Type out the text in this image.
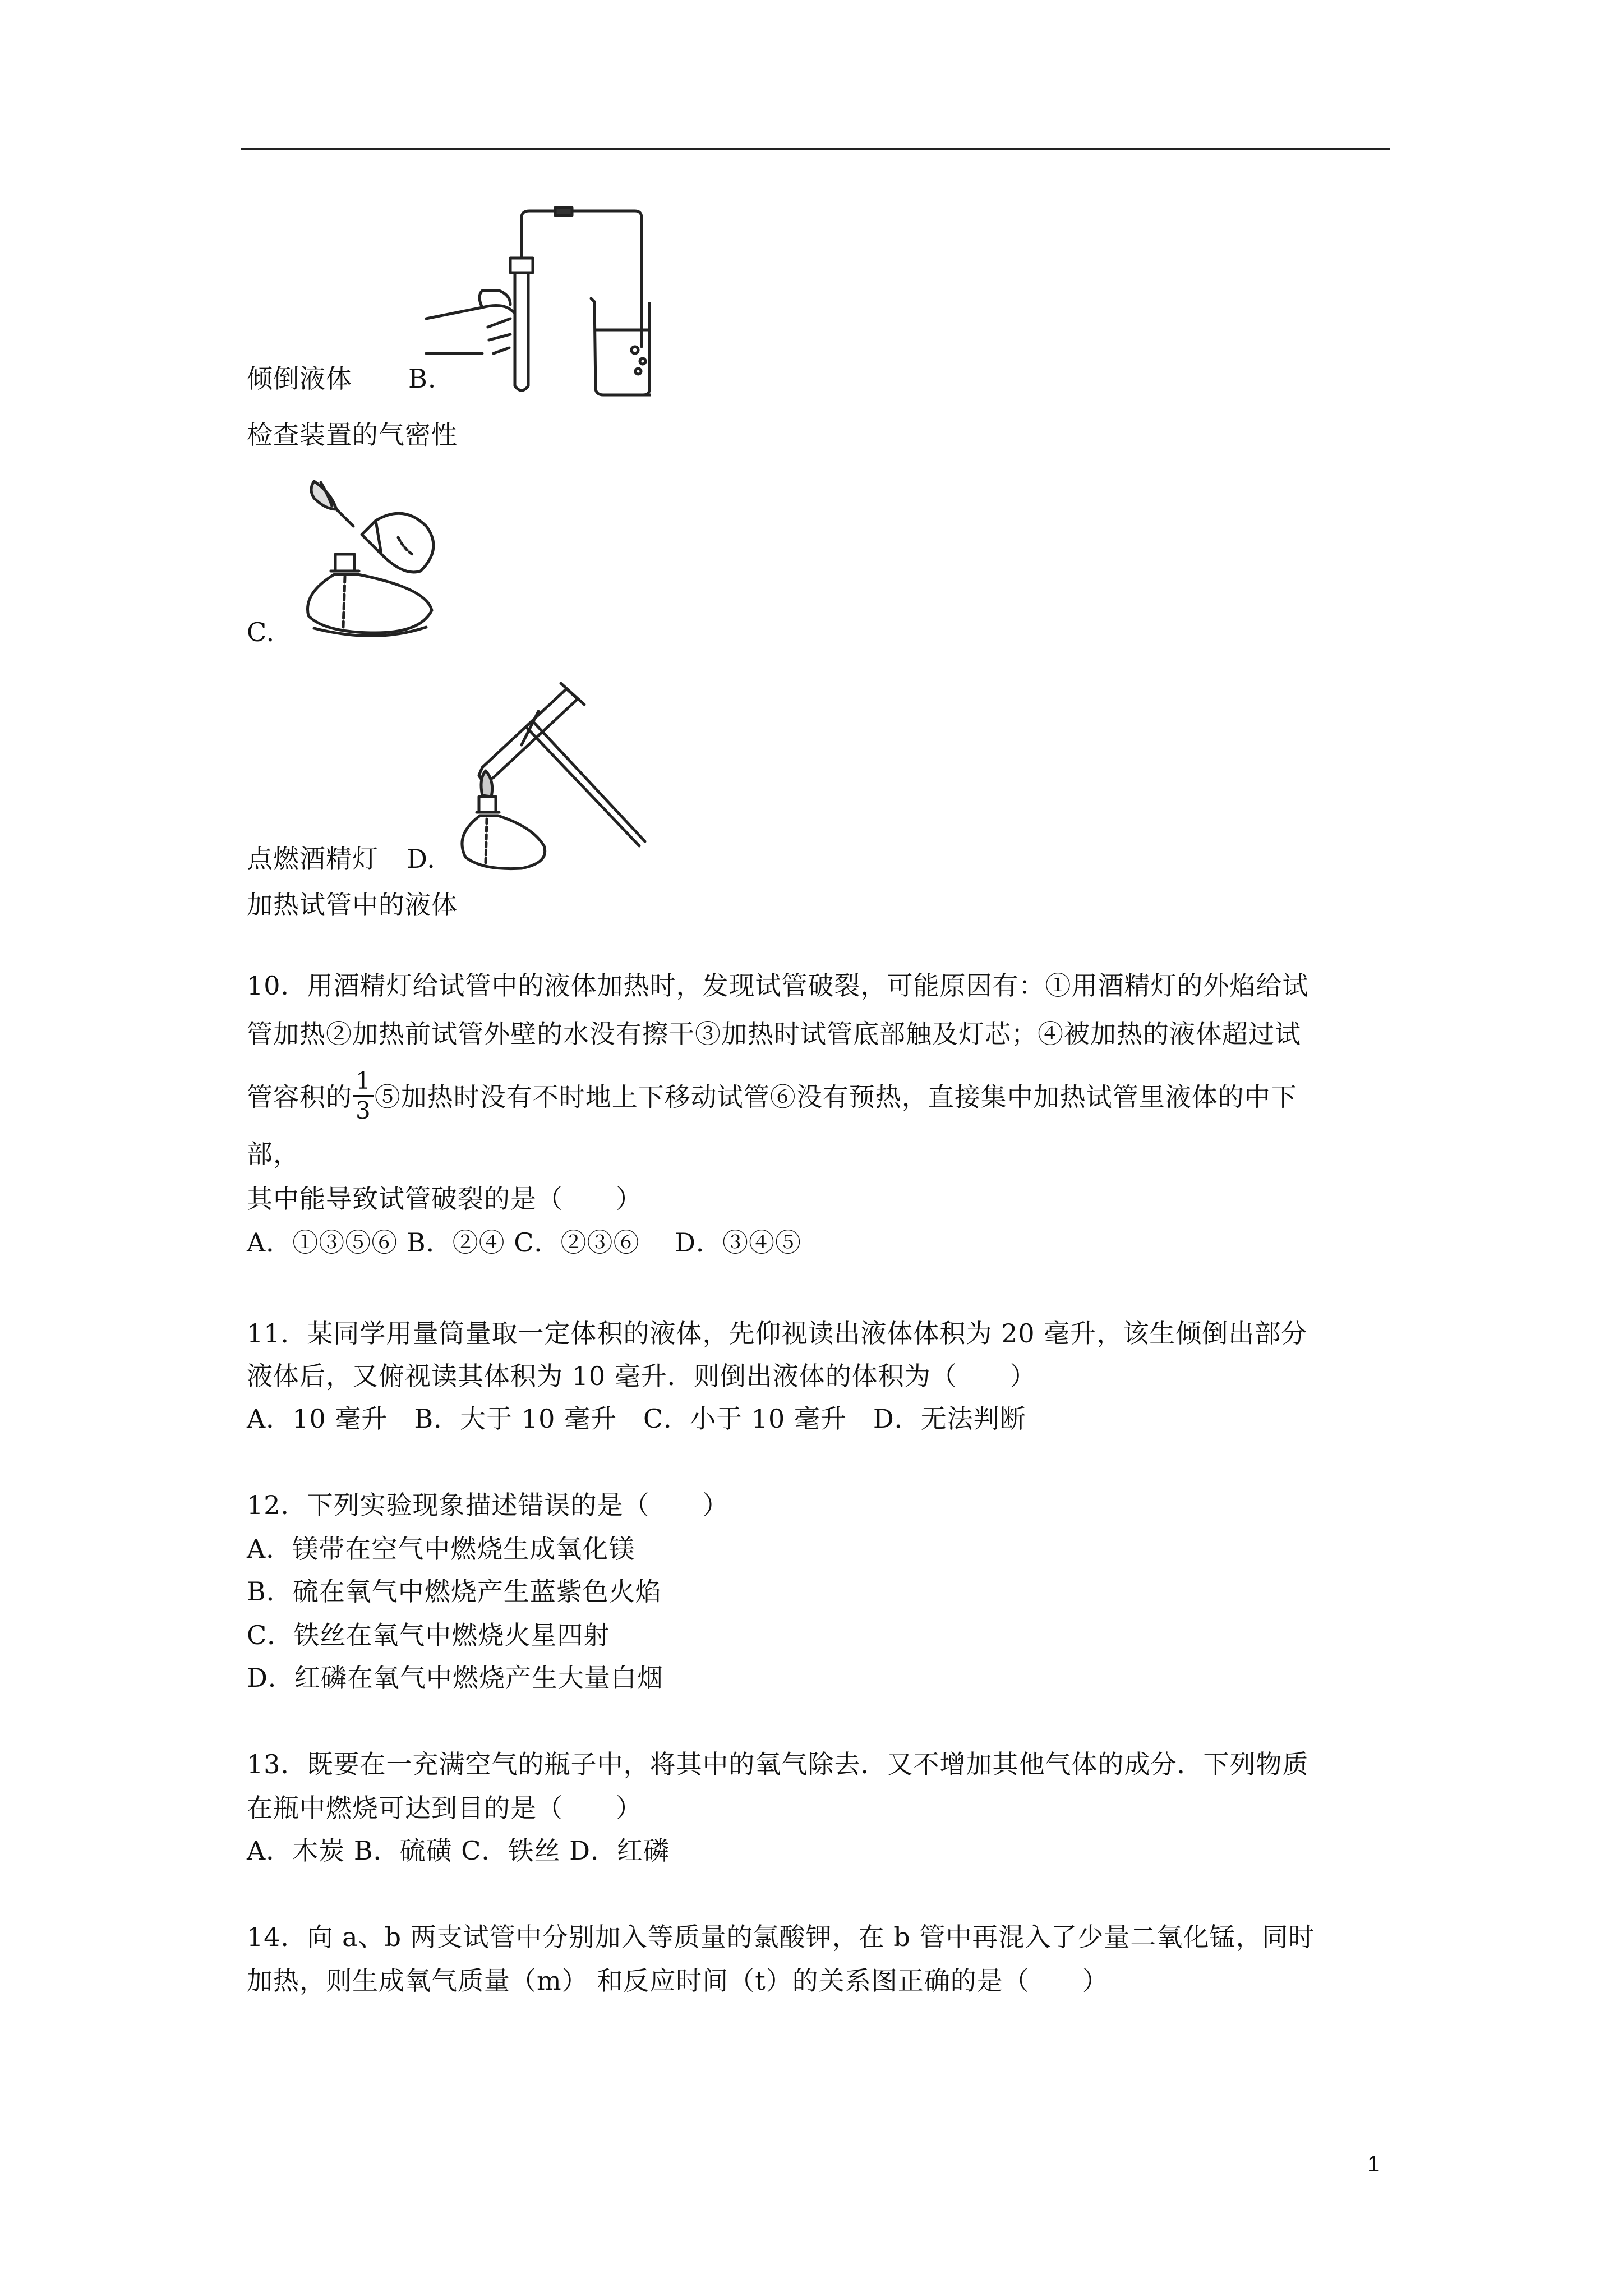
倾倒液体 B.
检查装置的气密性
C.
点燃酒精灯 D.
加热试管中的液体
10．用酒精灯给试管中的液体加热时，发现试管破裂，可能原因有：①用酒精灯的外焰给试
管加热②加热前试管外壁的水没有擦干③加热时试管底部触及灯芯；④被加热的液体超过试
管容积的 $\frac{1}{3}$ ⑤加热时没有不时地上下移动试管⑥没有预热，直接集中加热试管里液体的中下
部，
其中能导致试管破裂的是（　　）
A．①③⑤⑥ B．②④ C．②③⑥　 D．③④⑤
11．某同学用量筒量取一定体积的液体，先仰视读出液体体积为 20 毫升，该生倾倒出部分
液体后，又俯视读其体积为 10 毫升．则倒出液体的体积为（　　）
A．10 毫升　B．大于 10 毫升　C．小于 10 毫升　D．无法判断
12．下列实验现象描述错误的是（　　）
A．镁带在空气中燃烧生成氧化镁
B．硫在氧气中燃烧产生蓝紫色火焰
C．铁丝在氧气中燃烧火星四射
D．红磷在氧气中燃烧产生大量白烟
13．既要在一充满空气的瓶子中，将其中的氧气除去．又不增加其他气体的成分．下列物质
在瓶中燃烧可达到目的是（　　）
A．木炭 B．硫磺 C．铁丝 D．红磷
14．向 a、b 两支试管中分别加入等质量的氯酸钾，在 b 管中再混入了少量二氧化锰，同时
加热，则生成氧气质量（m） 和反应时间（t）的关系图正确的是（　　）
1
